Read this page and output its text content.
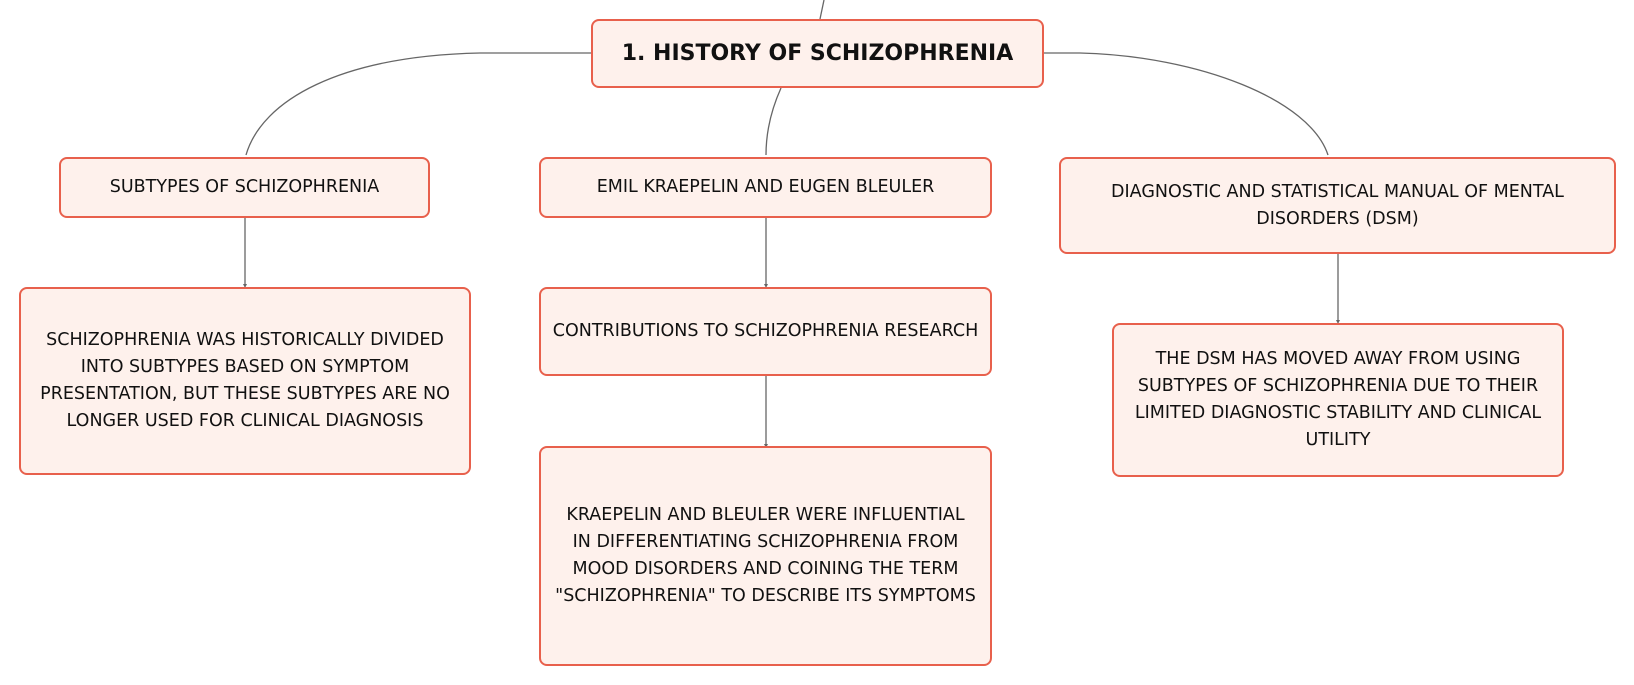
1. HISTORY OF SCHIZOPHRENIA
SUBTYPES OF SCHIZOPHRENIA	EMIL KRAEPELIN AND EUGEN BLEULER	DIAGNOSTIC AND STATISTICAL MANUAL OF MENTAL DISORDERS (DSM)
SCHIZOPHRENIA WAS HISTORICALLY DIVIDED INTO SUBTYPES BASED ON SYMPTOM PRESENTATION, BUT THESE SUBTYPES ARE NO LONGER USED FOR CLINICAL DIAGNOSIS
CONTRIBUTIONS TO SCHIZOPHRENIA RESEARCH
KRAEPELIN AND BLEULER WERE INFLUENTIAL IN DIFFERENTIATING SCHIZOPHRENIA FROM MOOD DISORDERS AND COINING THE TERM "SCHIZOPHRENIA" TO DESCRIBE ITS SYMPTOMS
THE DSM HAS MOVED AWAY FROM USING SUBTYPES OF SCHIZOPHRENIA DUE TO THEIR LIMITED DIAGNOSTIC STABILITY AND CLINICAL UTILITY
